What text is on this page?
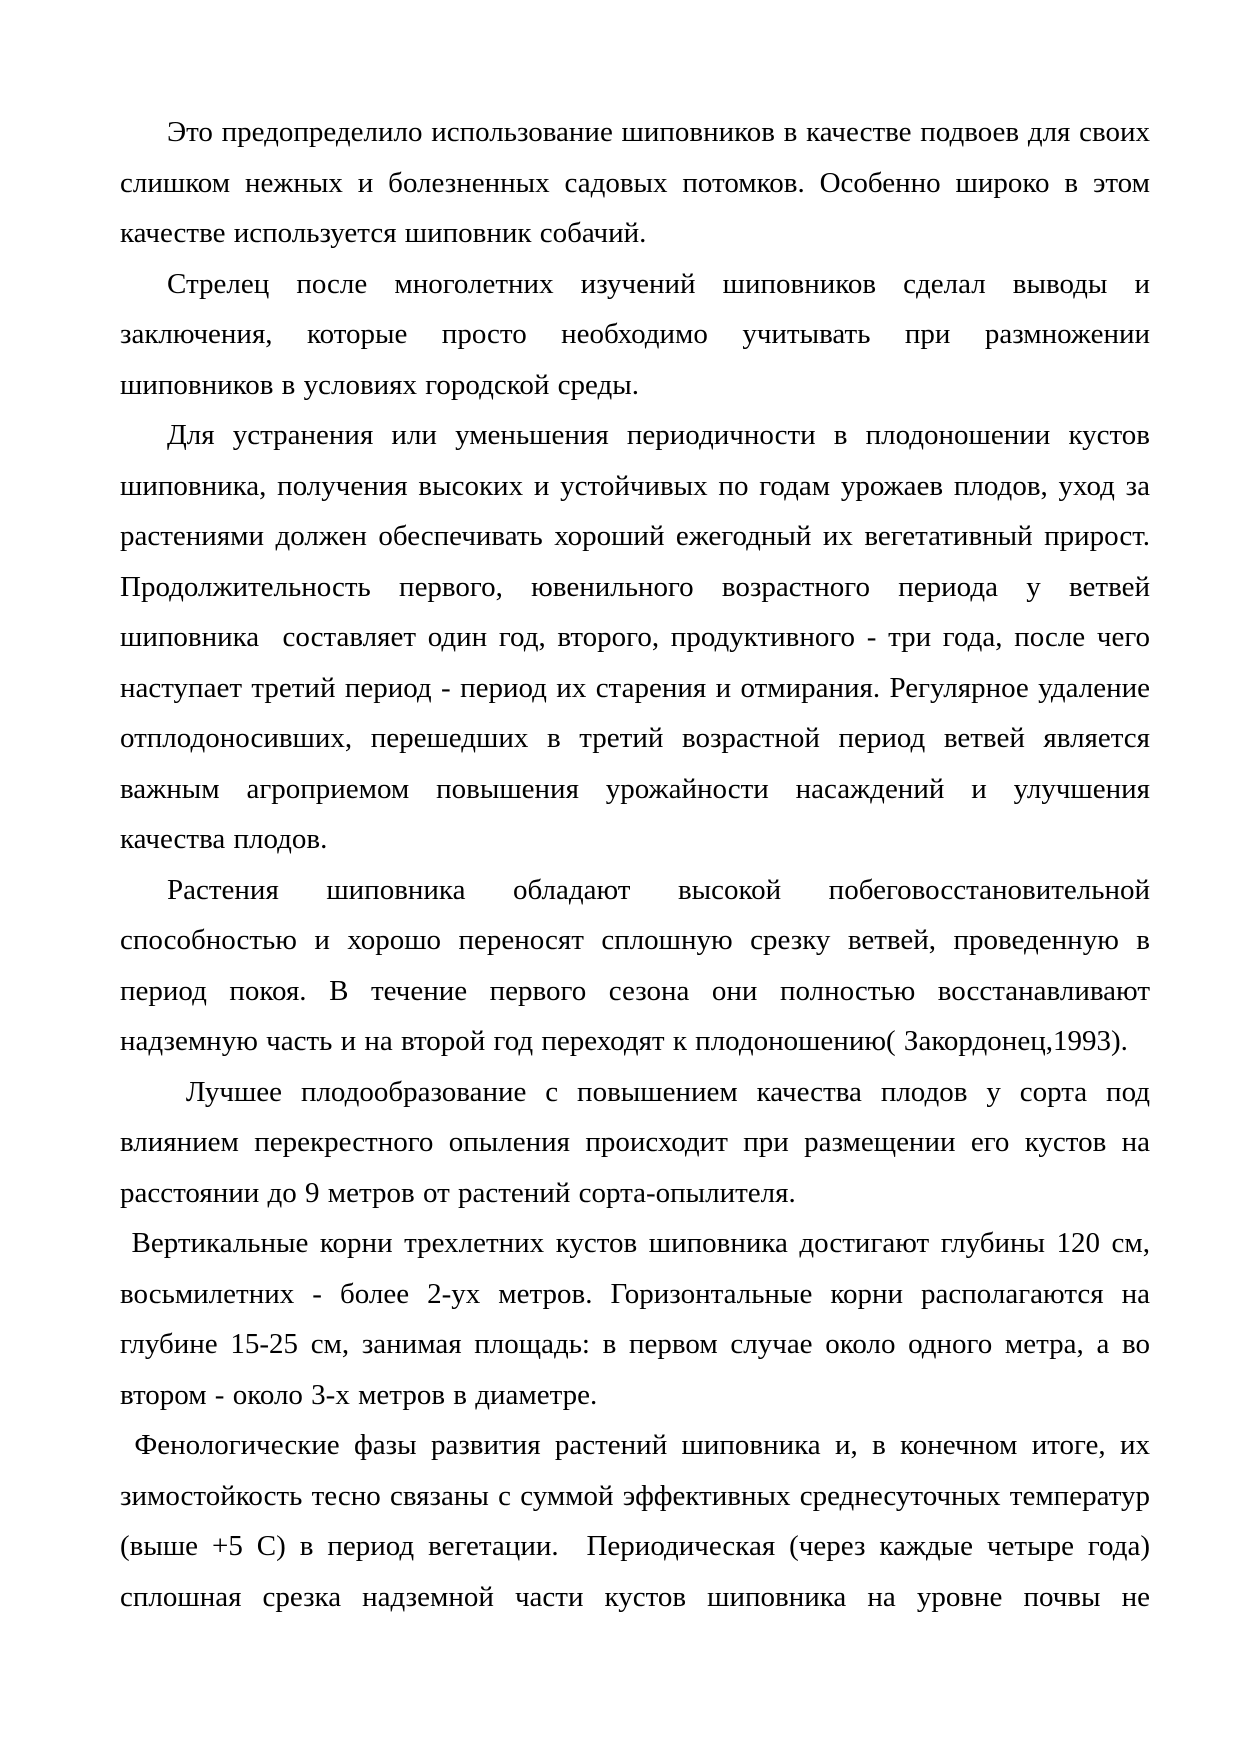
Это предопределило использование шиповников в качестве подвоев для своих слишком нежных и болезненных садовых потомков. Особенно широко в этом качестве используется шиповник собачий.

Стрелец после многолетних изучений шиповников сделал выводы и заключения, которые просто необходимо учитывать при размножении шиповников в условиях городской среды.

Для устранения или уменьшения периодичности в плодоношении кустов шиповника, получения высоких и устойчивых по годам урожаев плодов, уход за растениями должен обеспечивать хороший ежегодный их вегетативный прирост. Продолжительность первого, ювенильного возрастного периода у ветвей шиповника  составляет один год, второго, продуктивного - три года, после чего наступает третий период - период их старения и отмирания. Регулярное удаление отплодоносивших, перешедших в третий возрастной период ветвей является важным агроприемом повышения урожайности насаждений и улучшения качества плодов.

Растения шиповника обладают высокой побеговосстановительной способностью и хорошо переносят сплошную срезку ветвей, проведенную в период покоя. В течение первого сезона они полностью восстанавливают надземную часть и на второй год переходят к плодоношению( Закордонец,1993).

Лучшее плодообразование с повышением качества плодов у сорта под влиянием перекрестного опыления происходит при размещении его кустов на расстоянии до 9 метров от растений сорта-опылителя.

Вертикальные корни трехлетних кустов шиповника достигают глубины 120 см, восьмилетних - более 2-ух метров. Горизонтальные корни располагаются на глубине 15-25 см, занимая площадь: в первом случае около одного метра, а во втором - около 3-х метров в диаметре.

Фенологические фазы развития растений шиповника и, в конечном итоге, их зимостойкость тесно связаны с суммой эффективных среднесуточных температур (выше +5 С) в период вегетации.  Периодическая (через каждые четыре года) сплошная срезка надземной части кустов шиповника на уровне почвы не
